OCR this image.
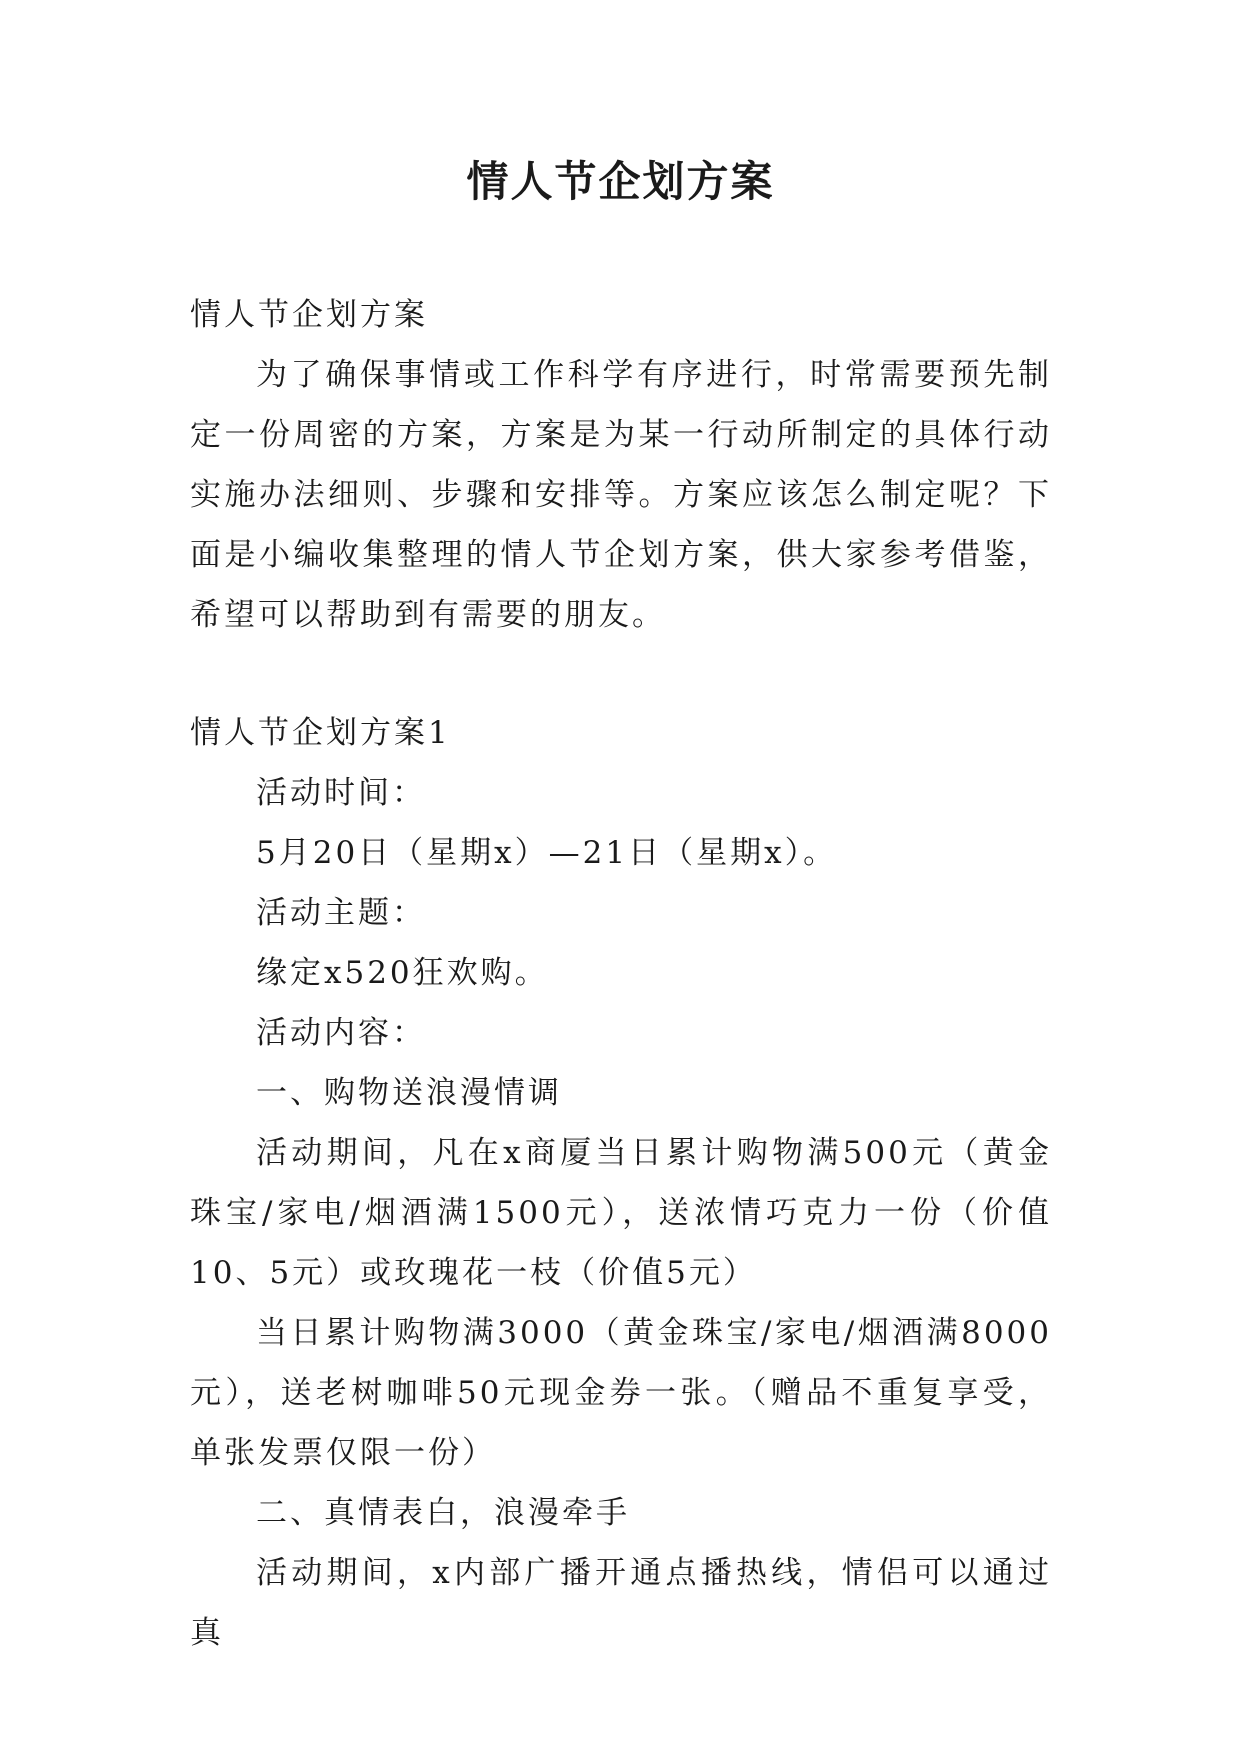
情人节企划方案

情人节企划方案

为了确保事情或工作科学有序进行，时常需要预先制定一份周密的方案，方案是为某一行动所制定的具体行动实施办法细则、步骤和安排等。方案应该怎么制定呢？下面是小编收集整理的情人节企划方案，供大家参考借鉴，希望可以帮助到有需要的朋友。

情人节企划方案1

活动时间：

5月20日（星期x）—21日（星期x）。

活动主题：

缘定x520狂欢购。

活动内容：

一、购物送浪漫情调

活动期间，凡在x商厦当日累计购物满500元（黄金珠宝/家电/烟酒满1500元），送浓情巧克力一份（价值10、5元）或玫瑰花一枝（价值5元）

当日累计购物满3000（黄金珠宝/家电/烟酒满8000元），送老树咖啡50元现金券一张。（赠品不重复享受，单张发票仅限一份）

二、真情表白，浪漫牵手

活动期间，x内部广播开通点播热线，情侣可以通过真
